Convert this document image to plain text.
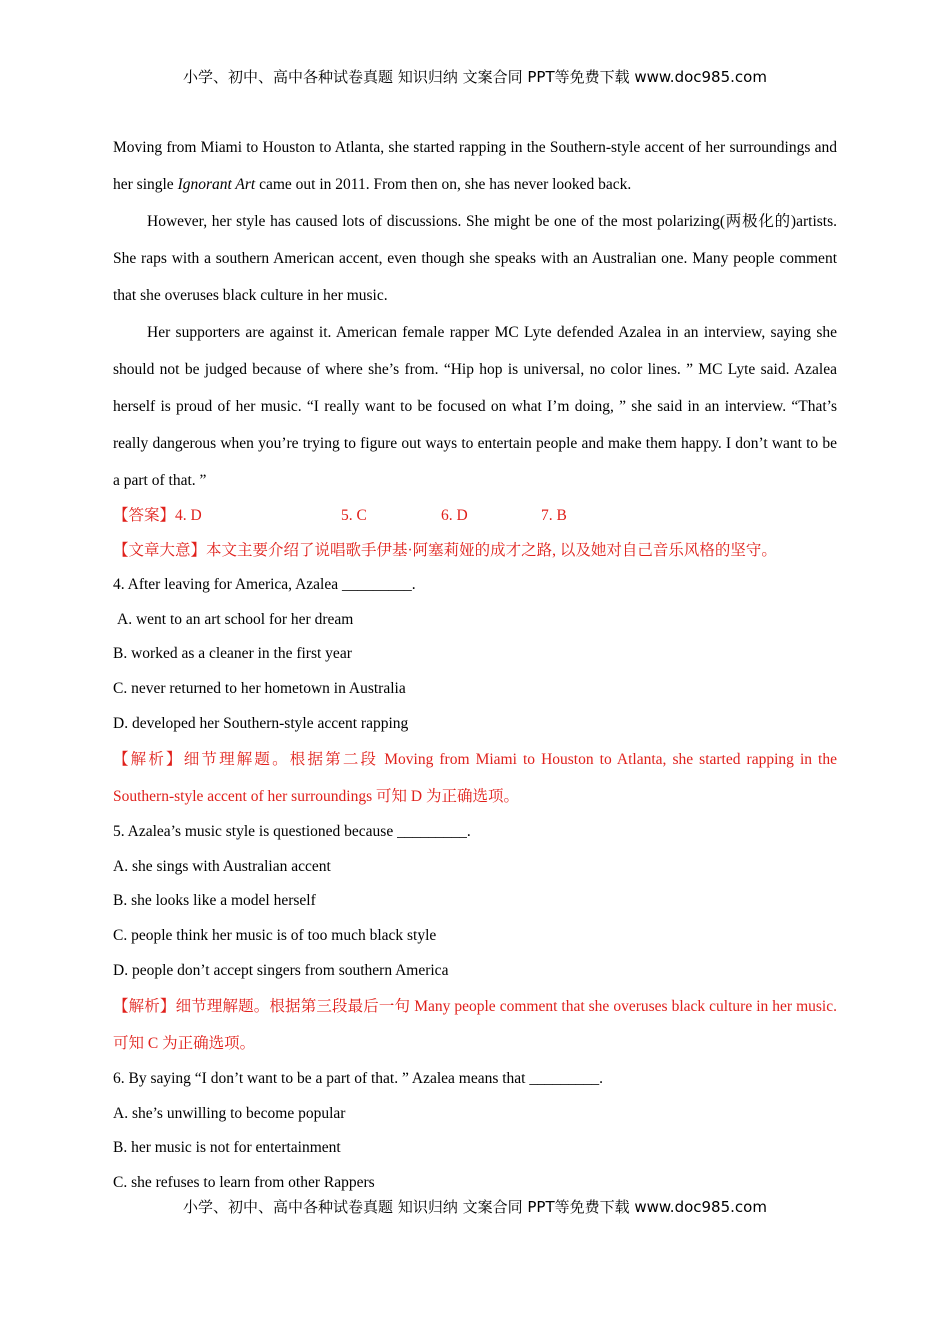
小学、初中、高中各种试卷真题 知识归纳 文案合同 PPT等免费下载 www.doc985.com

Moving from Miami to Houston to Atlanta, she started rapping in the Southern-style accent of her surroundings and her single Ignorant Art came out in 2011. From then on, she has never looked back.

However, her style has caused lots of discussions. She might be one of the most polarizing(两极化的)artists. She raps with a southern American accent, even though she speaks with an Australian one. Many people comment that she overuses black culture in her music.

Her supporters are against it. American female rapper MC Lyte defended Azalea in an interview, saying she should not be judged because of where she’s from. “Hip hop is universal, no color lines. ” MC Lyte said. Azalea herself is proud of her music. “I really want to be focused on what I’m doing, ” she said in an interview. “That’s really dangerous when you’re trying to figure out ways to entertain people and make them happy. I don’t want to be a part of that. ”

【答案】4. D	5. C	6. D	7. B

【文章大意】本文主要介绍了说唱歌手伊基·阿塞莉娅的成才之路, 以及她对自己音乐风格的坚守。

4. After leaving for America, Azalea _________.

A. went to an art school for her dream

B. worked as a cleaner in the first year

C. never returned to her hometown in Australia

D. developed her Southern-style accent rapping

【解析】细节理解题。根据第二段 Moving from Miami to Houston to Atlanta, she started rapping in the Southern-style accent of her surroundings 可知 D 为正确选项。

5. Azalea’s music style is questioned because _________.

A. she sings with Australian accent

B. she looks like a model herself

C. people think her music is of too much black style

D. people don’t accept singers from southern America

【解析】细节理解题。根据第三段最后一句 Many people comment that she overuses black culture in her music. 可知 C 为正确选项。

6. By saying “I don’t want to be a part of that. ” Azalea means that _________.

A. she’s unwilling to become popular

B. her music is not for entertainment

C. she refuses to learn from other Rappers

小学、初中、高中各种试卷真题 知识归纳 文案合同 PPT等免费下载 www.doc985.com
